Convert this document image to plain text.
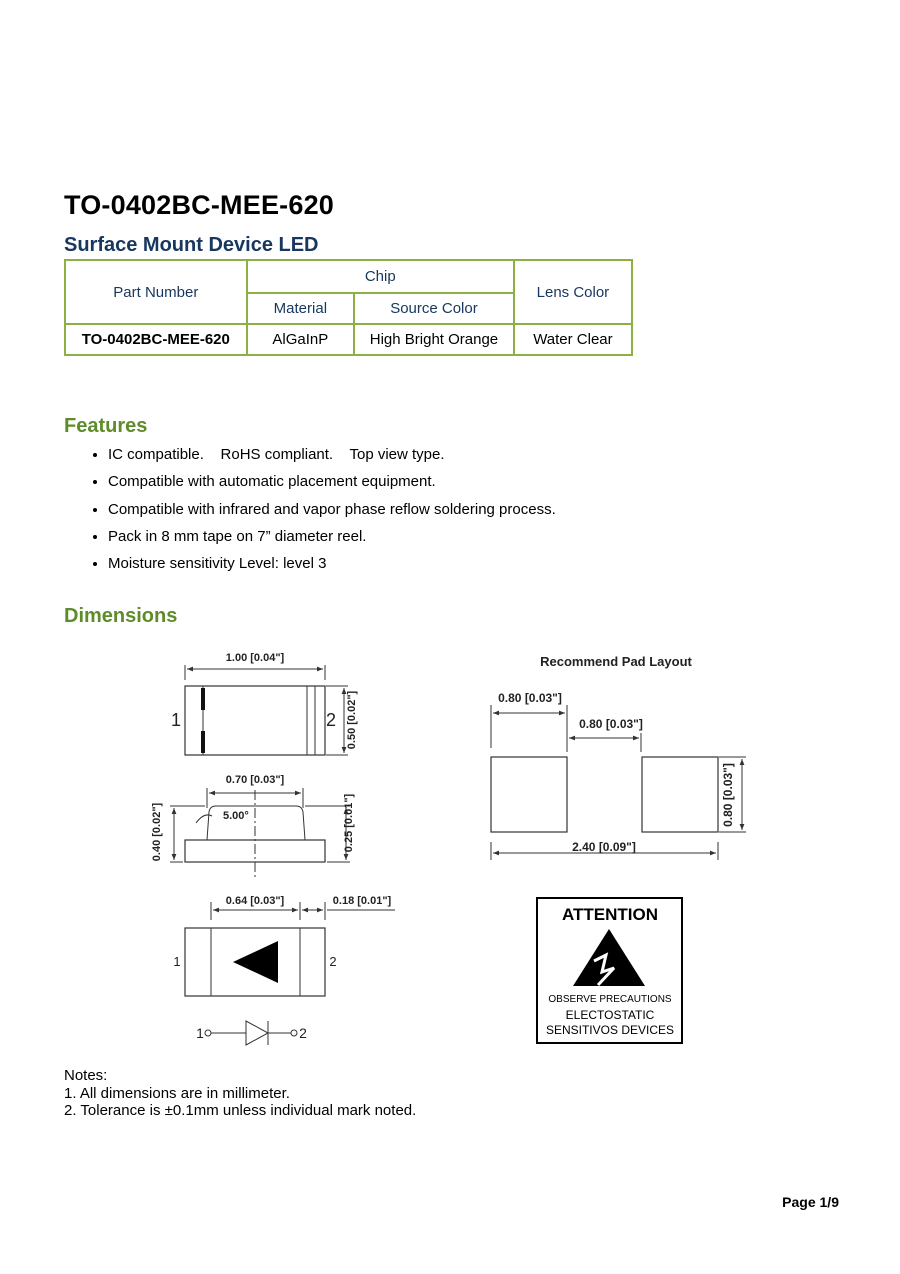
TO-0402BC-MEE-620
Surface Mount Device LED
Part Number	Chip		Lens Color
	Material	Source Color	
TO-0402BC-MEE-620	AlGaInP	High Bright Orange	Water Clear
Features
• IC compatible.    RoHS compliant.    Top view type.
• Compatible with automatic placement equipment.
• Compatible with infrared and vapor phase reflow soldering process.
• Pack in 8 mm tape on 7” diameter reel.
• Moisture sensitivity Level: level 3
Dimensions
1.00 [0.04"]
0.50 [0.02"]
1	2
0.70 [0.03"]
5.00°
0.40 [0.02"]	0.25 [0.01"]
0.64 [0.03"]	0.18 [0.01"]
1	2
1	2
Recommend Pad Layout
0.80 [0.03"]
0.80 [0.03"]
0.80 [0.03"]
2.40 [0.09"]
ATTENTION
OBSERVE PRECAUTIONS
ELECTOSTATIC
SENSITIVOS DEVICES
Notes:
1. All dimensions are in millimeter.
2. Tolerance is ±0.1mm unless individual mark noted.
Page 1/9
